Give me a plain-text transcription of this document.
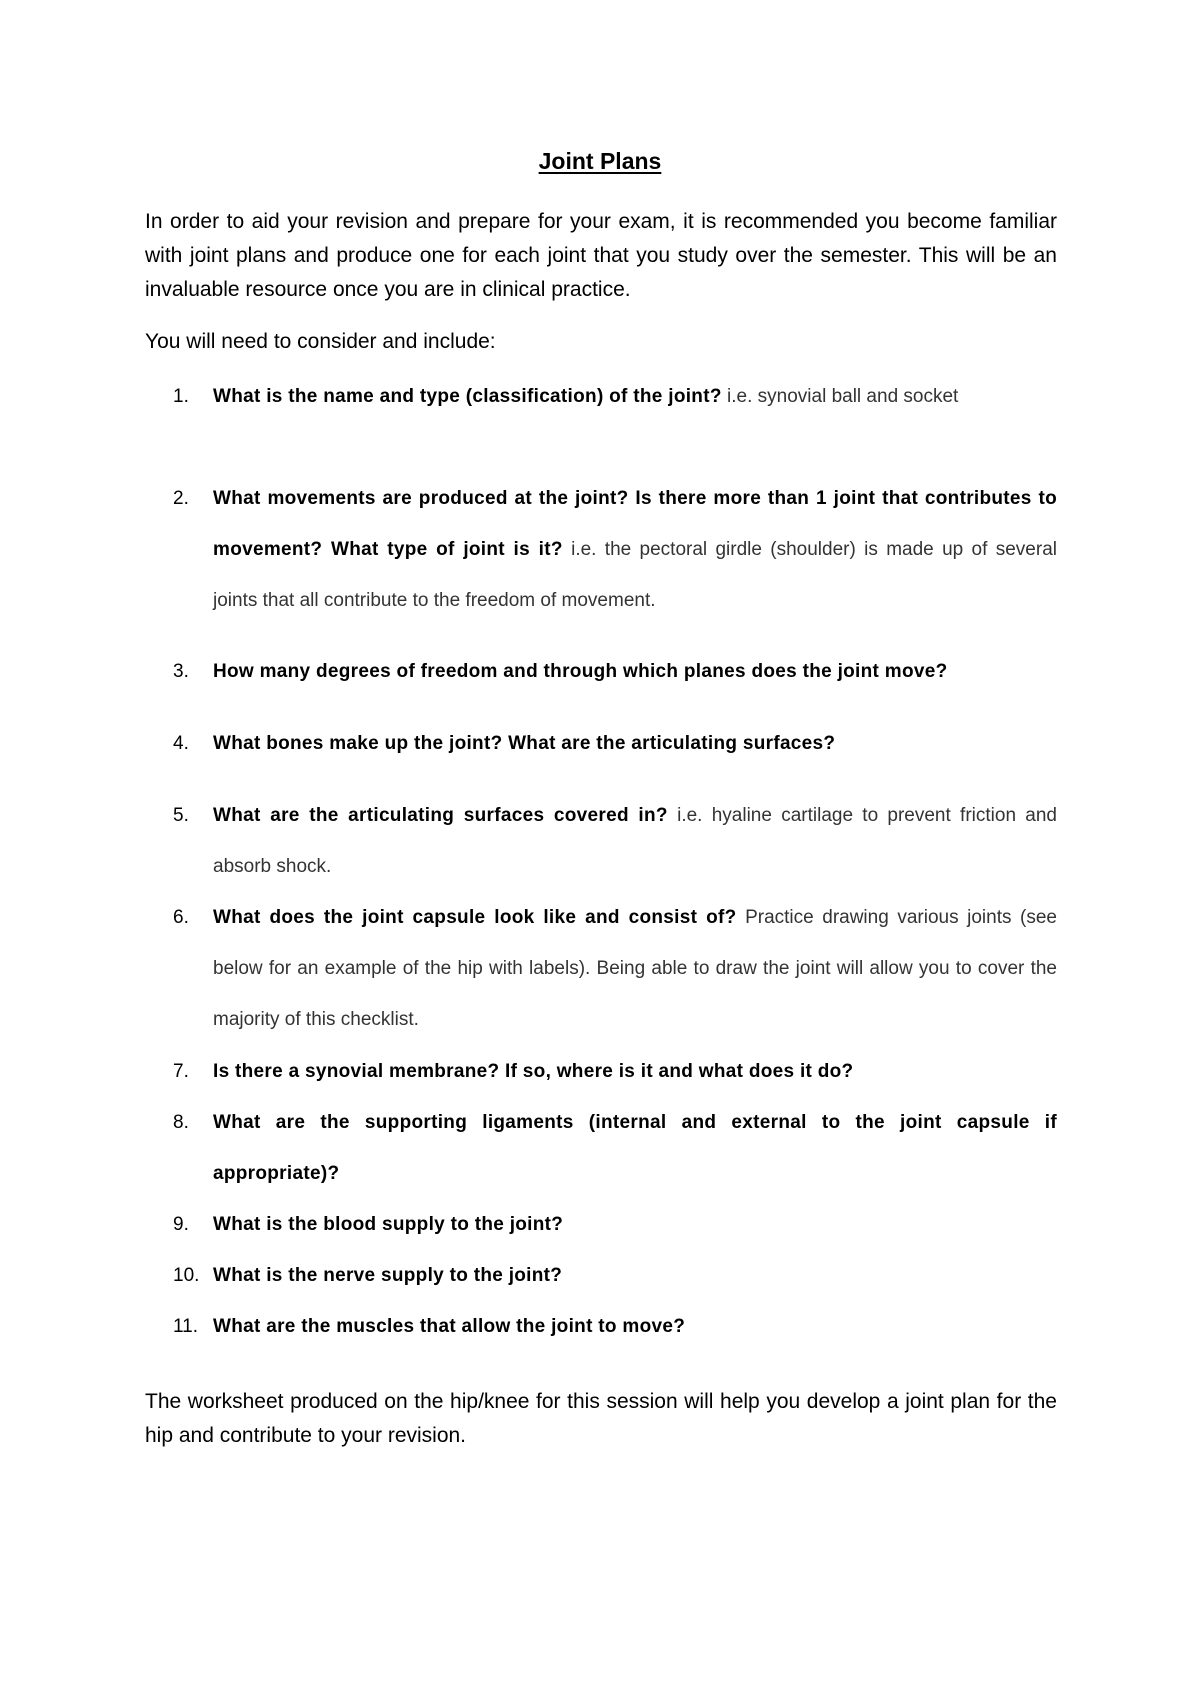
Joint Plans

In order to aid your revision and prepare for your exam, it is recommended you become familiar with joint plans and produce one for each joint that you study over the semester. This will be an invaluable resource once you are in clinical practice.

You will need to consider and include:

1. What is the name and type (classification) of the joint? i.e. synovial ball and socket
2. What movements are produced at the joint? Is there more than 1 joint that contributes to movement? What type of joint is it? i.e. the pectoral girdle (shoulder) is made up of several joints that all contribute to the freedom of movement.
3. How many degrees of freedom and through which planes does the joint move?
4. What bones make up the joint? What are the articulating surfaces?
5. What are the articulating surfaces covered in? i.e. hyaline cartilage to prevent friction and absorb shock.
6. What does the joint capsule look like and consist of? Practice drawing various joints (see below for an example of the hip with labels). Being able to draw the joint will allow you to cover the majority of this checklist.
7. Is there a synovial membrane? If so, where is it and what does it do?
8. What are the supporting ligaments (internal and external to the joint capsule if appropriate)?
9. What is the blood supply to the joint?
10. What is the nerve supply to the joint?
11. What are the muscles that allow the joint to move?

The worksheet produced on the hip/knee for this session will help you develop a joint plan for the hip and contribute to your revision.
